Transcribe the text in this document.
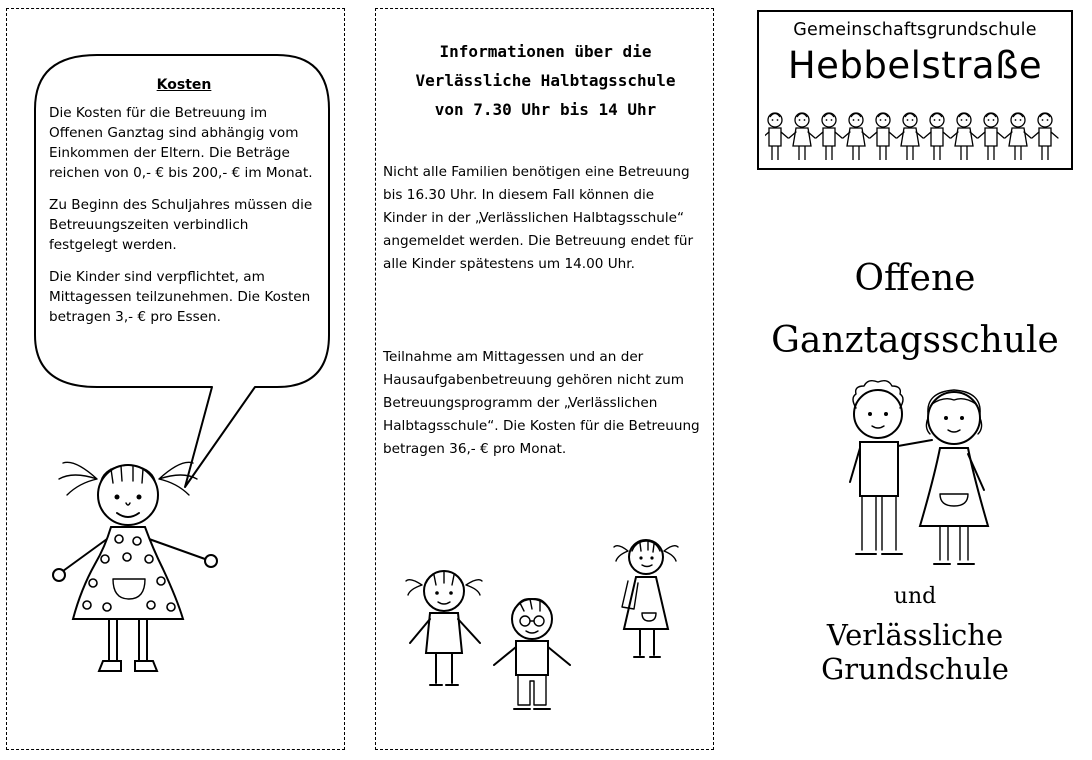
Kosten

Die Kosten für die Betreuung im Offenen Ganztag sind abhängig vom Einkommen der Eltern. Die Beträge reichen von 0,- € bis 200,- € im Monat.

Zu Beginn des Schuljahres müssen die Betreuungszeiten verbindlich festgelegt werden.

Die Kinder sind verpflichtet, am Mittagessen teilzunehmen. Die Kosten betragen 3,- € pro Essen.

Informationen über die
Verlässliche Halbtagsschule
von 7.30 Uhr bis 14 Uhr
Nicht alle Familien benötigen eine Betreuung bis 16.30 Uhr. In diesem Fall können die Kinder in der „Verlässlichen Halbtagsschule“ angemeldet werden. Die Betreuung endet für alle Kinder spätestens um 14.00 Uhr.
Teilnahme am Mittagessen und an der Hausaufgabenbetreuung gehören nicht zum Betreuungsprogramm der „Verlässlichen Halbtagsschule“. Die Kosten für die Betreuung betragen 36,- € pro Monat.
Gemeinschaftsgrundschule
Hebbelstraße
Offene
Ganztagsschule
und
Verlässliche Grundschule
